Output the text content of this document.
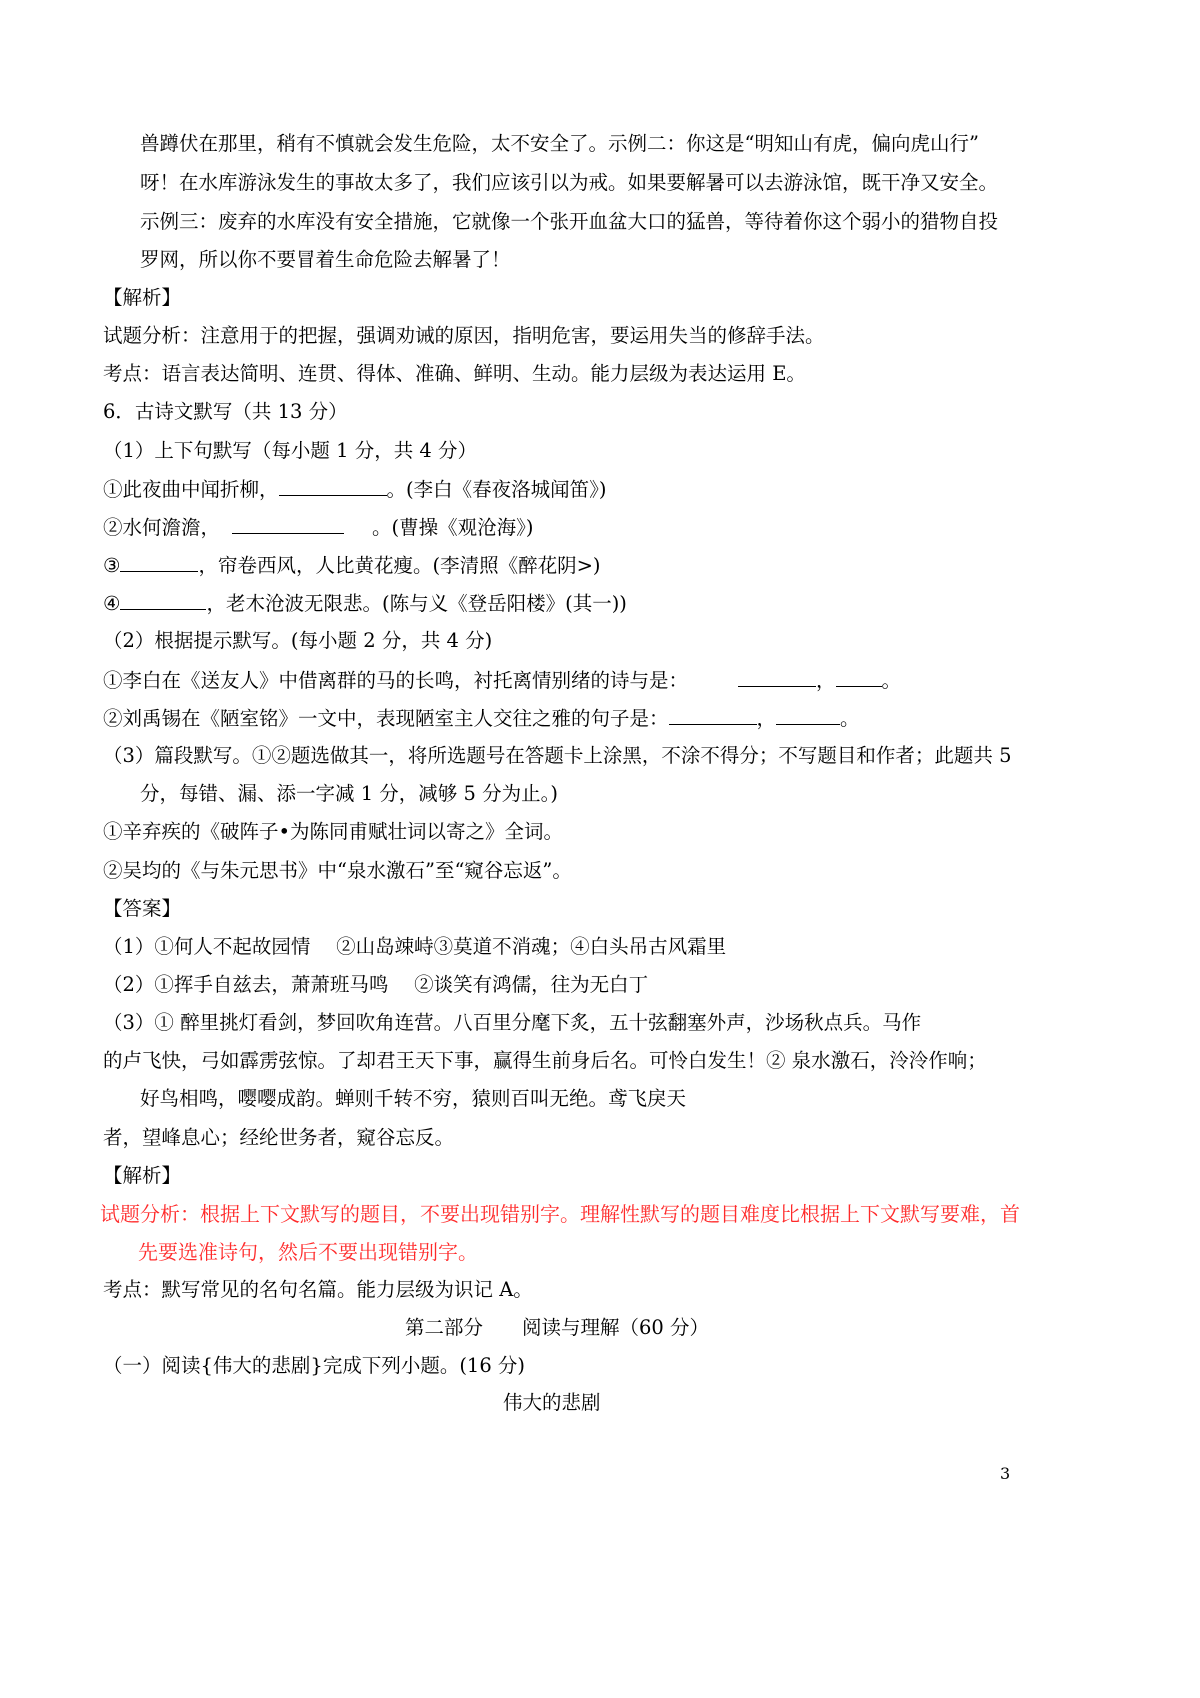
兽蹲伏在那里，稍有不慎就会发生危险，太不安全了。示例二：你这是“明知山有虎，偏向虎山行”
呀！在水库游泳发生的事故太多了，我们应该引以为戒。如果要解暑可以去游泳馆，既干净又安全。
示例三：废弃的水库没有安全措施，它就像一个张开血盆大口的猛兽，等待着你这个弱小的猎物自投
罗网，所以你不要冒着生命危险去解暑了！
【解析】
试题分析：注意用于的把握，强调劝诫的原因，指明危害，要运用失当的修辞手法。
考点：语言表达简明、连贯、得体、准确、鲜明、生动。能力层级为表达运用 E。
6．古诗文默写（共 13 分）
（1）上下句默写（每小题 1 分，共 4 分）
①此夜曲中闻折柳，	。(李白《春夜洛城闻笛》)
②水何澹澹，	。(曹操《观沧海》)
③	，帘卷西风，人比黄花瘦。(李清照《醉花阴>)
④	，老木沧波无限悲。(陈与义《登岳阳楼》(其一))
（2）根据提示默写。(每小题 2 分，共 4 分)
①李白在《送友人》中借离群的马的长鸣，衬托离情别绪的诗与是：	， 。
②刘禹锡在《陋室铭》一文中，表现陋室主人交往之雅的句子是：	，	。
（3）篇段默写。①②题选做其一，将所选题号在答题卡上涂黑，不涂不得分；不写题目和作者；此题共 5
分，每错、漏、添一字减 1 分，减够 5 分为止。)
①辛弃疾的《破阵子•为陈同甫赋壮词以寄之》全词。
②吴均的《与朱元思书》中“泉水激石”至“窥谷忘返”。
【答案】
（1）①何人不起故园情　 ②山岛竦峙③莫道不消魂；④白头吊古风霜里
（2）①挥手自兹去，萧萧班马鸣　 ②谈笑有鸿儒，往为无白丁
（3）① 醉里挑灯看剑，梦回吹角连营。八百里分麾下炙，五十弦翻塞外声，沙场秋点兵。马作
的卢飞快，弓如霹雳弦惊。了却君王天下事，赢得生前身后名。可怜白发生！② 泉水激石，泠泠作响；
好鸟相鸣，嘤嘤成韵。蝉则千转不穷，猿则百叫无绝。鸢飞戾天
者，望峰息心；经纶世务者，窥谷忘反。
【解析】
试题分析：根据上下文默写的题目，不要出现错别字。理解性默写的题目难度比根据上下文默写要难，首
先要选准诗句，然后不要出现错别字。
考点：默写常见的名句名篇。能力层级为识记 A。
第二部分　　阅读与理解（60 分）
（一）阅读{伟大的悲剧}完成下列小题。(16 分)
伟大的悲剧
3
